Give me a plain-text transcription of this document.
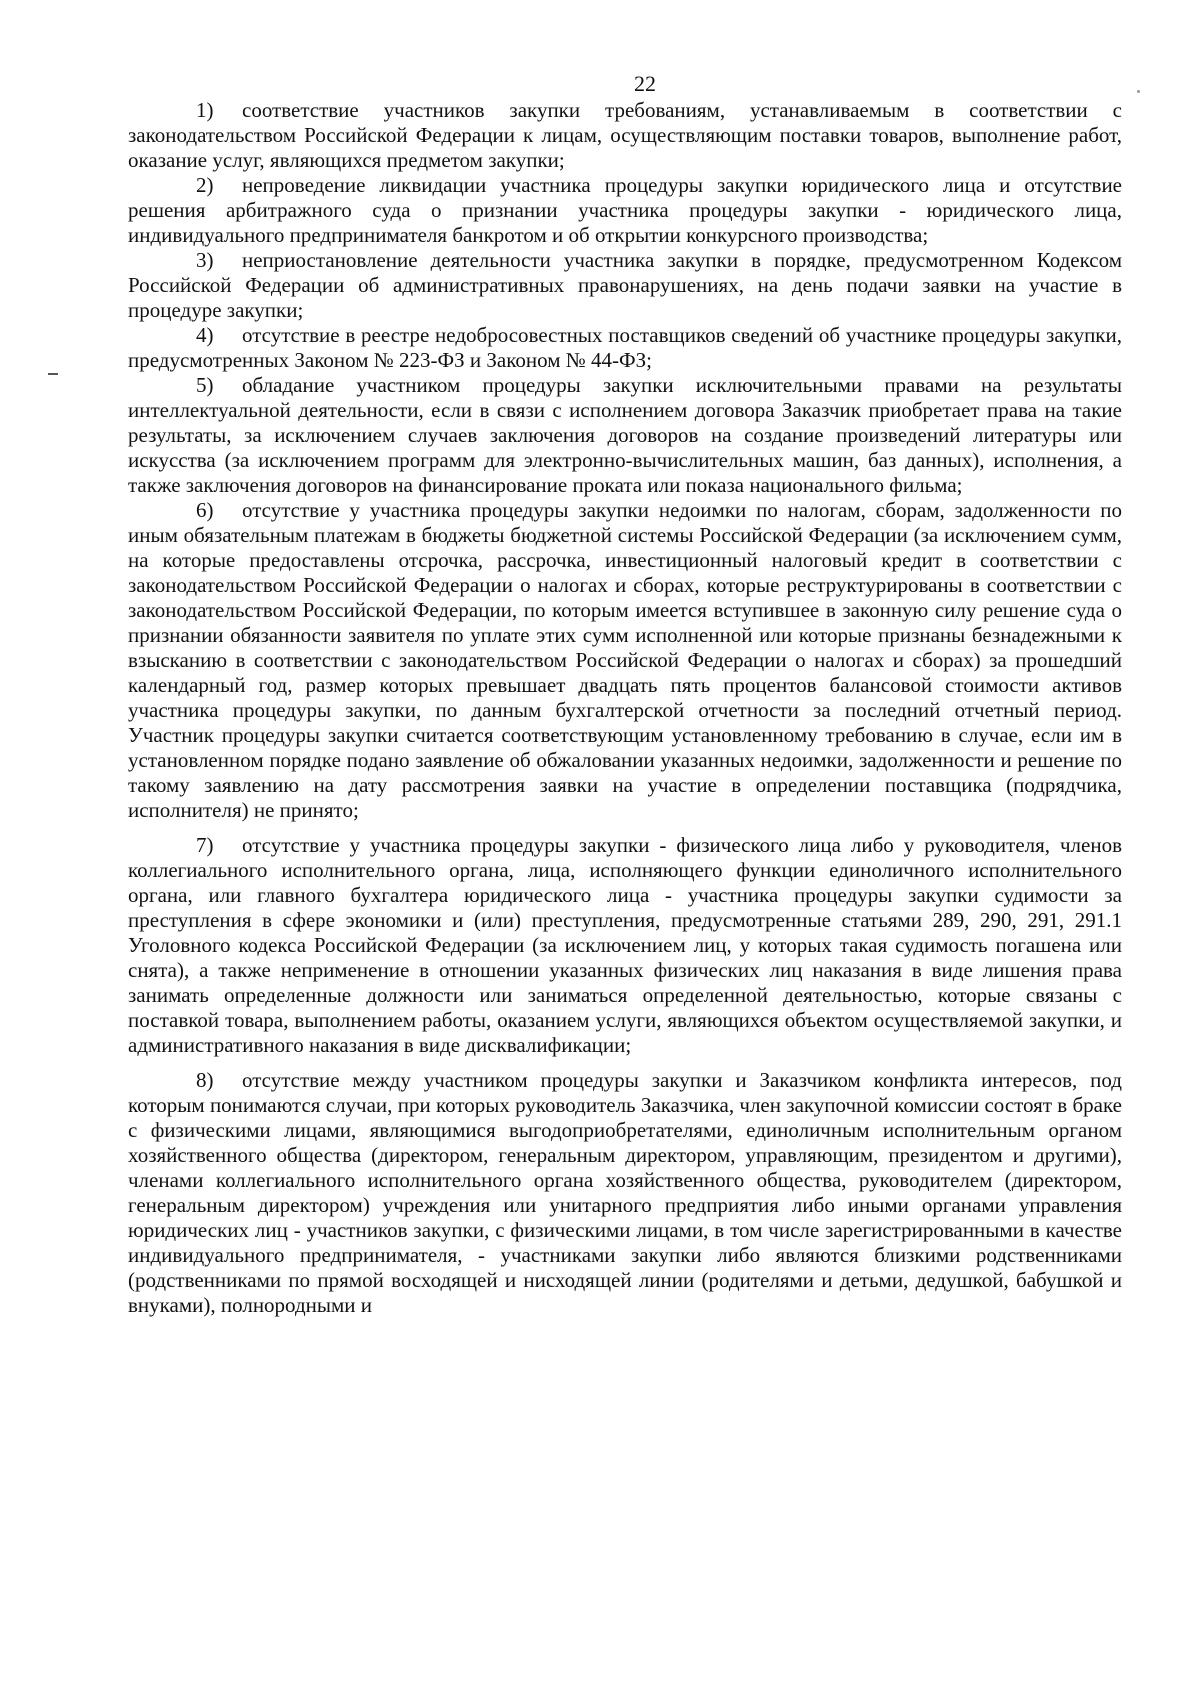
22

1) соответствие участников закупки требованиям, устанавливаемым в соответствии с законодательством Российской Федерации к лицам, осуществляющим поставки товаров, выполнение работ, оказание услуг, являющихся предметом закупки;

2) непроведение ликвидации участника процедуры закупки юридического лица и отсутствие решения арбитражного суда о признании участника процедуры закупки - юридического лица, индивидуального предпринимателя банкротом и об открытии конкурсного производства;

3) неприостановление деятельности участника закупки в порядке, предусмотренном Кодексом Российской Федерации об административных правонарушениях, на день подачи заявки на участие в процедуре закупки;

4) отсутствие в реестре недобросовестных поставщиков сведений об участнике процедуры закупки, предусмотренных Законом № 223-ФЗ и Законом № 44-ФЗ;

5) обладание участником процедуры закупки исключительными правами на результаты интеллектуальной деятельности, если в связи с исполнением договора Заказчик приобретает права на такие результаты, за исключением случаев заключения договоров на создание произведений литературы или искусства (за исключением программ для электронно-вычислительных машин, баз данных), исполнения, а также заключения договоров на финансирование проката или показа национального фильма;

6) отсутствие у участника процедуры закупки недоимки по налогам, сборам, задолженности по иным обязательным платежам в бюджеты бюджетной системы Российской Федерации (за исключением сумм, на которые предоставлены отсрочка, рассрочка, инвестиционный налоговый кредит в соответствии с законодательством Российской Федерации о налогах и сборах, которые реструктурированы в соответствии с законодательством Российской Федерации, по которым имеется вступившее в законную силу решение суда о признании обязанности заявителя по уплате этих сумм исполненной или которые признаны безнадежными к взысканию в соответствии с законодательством Российской Федерации о налогах и сборах) за прошедший календарный год, размер которых превышает двадцать пять процентов балансовой стоимости активов участника процедуры закупки, по данным бухгалтерской отчетности за последний отчетный период. Участник процедуры закупки считается соответствующим установленному требованию в случае, если им в установленном порядке подано заявление об обжаловании указанных недоимки, задолженности и решение по такому заявлению на дату рассмотрения заявки на участие в определении поставщика (подрядчика, исполнителя) не принято;

7) отсутствие у участника процедуры закупки - физического лица либо у руководителя, членов коллегиального исполнительного органа, лица, исполняющего функции единоличного исполнительного органа, или главного бухгалтера юридического лица - участника процедуры закупки судимости за преступления в сфере экономики и (или) преступления, предусмотренные статьями 289, 290, 291, 291.1 Уголовного кодекса Российской Федерации (за исключением лиц, у которых такая судимость погашена или снята), а также неприменение в отношении указанных физических лиц наказания в виде лишения права занимать определенные должности или заниматься определенной деятельностью, которые связаны с поставкой товара, выполнением работы, оказанием услуги, являющихся объектом осуществляемой закупки, и административного наказания в виде дисквалификации;

8) отсутствие между участником процедуры закупки и Заказчиком конфликта интересов, под которым понимаются случаи, при которых руководитель Заказчика, член закупочной комиссии состоят в браке с физическими лицами, являющимися выгодоприобретателями, единоличным исполнительным органом хозяйственного общества (директором, генеральным директором, управляющим, президентом и другими), членами коллегиального исполнительного органа хозяйственного общества, руководителем (директором, генеральным директором) учреждения или унитарного предприятия либо иными органами управления юридических лиц - участников закупки, с физическими лицами, в том числе зарегистрированными в качестве индивидуального предпринимателя, - участниками закупки либо являются близкими родственниками (родственниками по прямой восходящей и нисходящей линии (родителями и детьми, дедушкой, бабушкой и внуками), полнородными и
